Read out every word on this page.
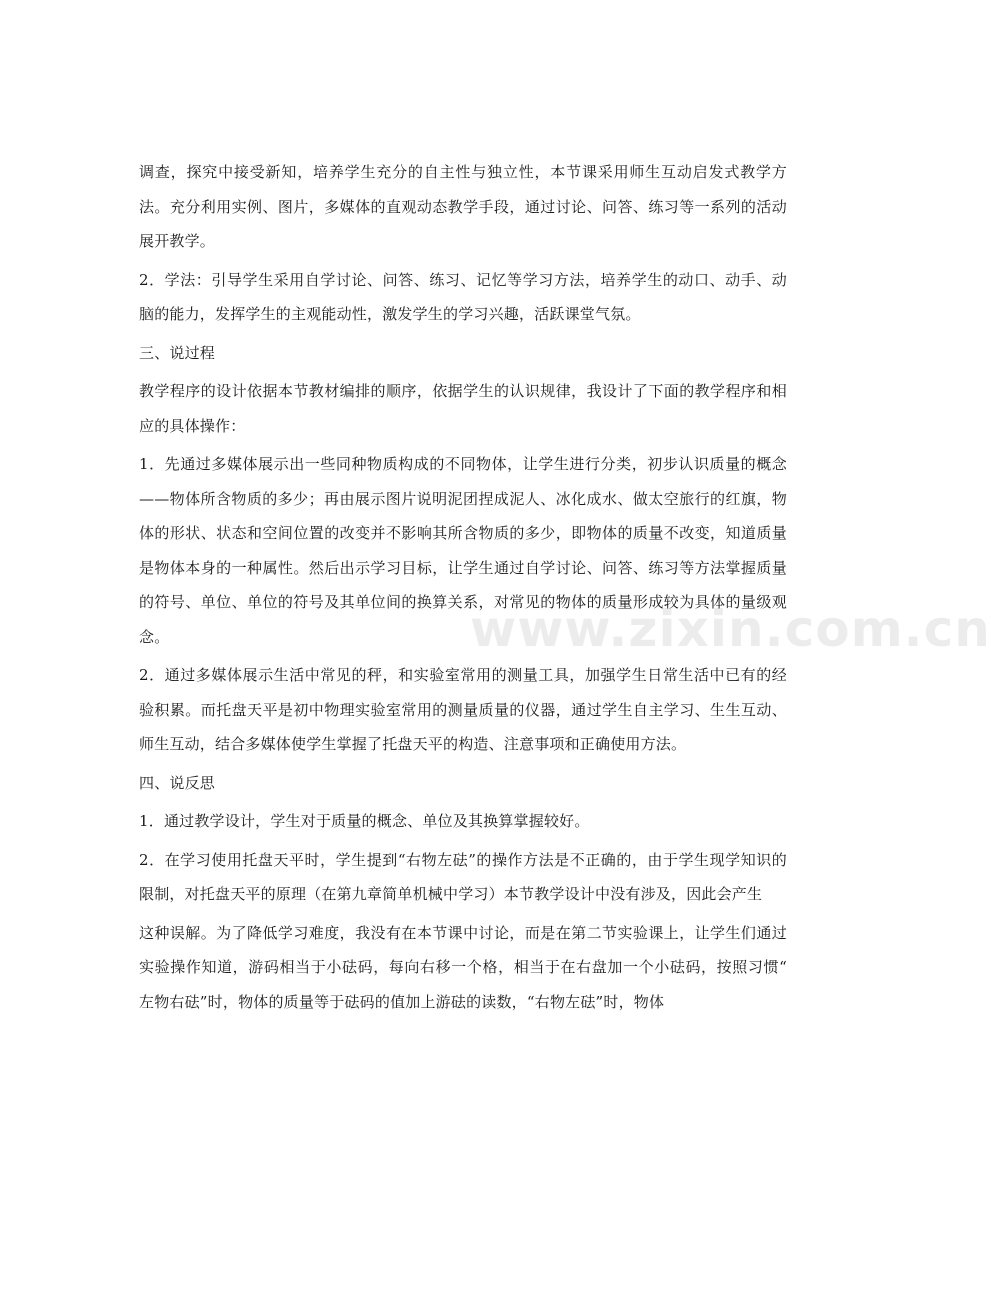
www.zixin.com.cn

调查，探究中接受新知，培养学生充分的自主性与独立性，本节课采用师生互动启发式教学方法。充分利用实例、图片，多媒体的直观动态教学手段，通过讨论、问答、练习等一系列的活动展开教学。

2．学法：引导学生采用自学讨论、问答、练习、记忆等学习方法，培养学生的动口、动手、动脑的能力，发挥学生的主观能动性，激发学生的学习兴趣，活跃课堂气氛。

三、说过程

教学程序的设计依据本节教材编排的顺序，依据学生的认识规律，我设计了下面的教学程序和相应的具体操作：

1．先通过多媒体展示出一些同种物质构成的不同物体，让学生进行分类，初步认识质量的概念——物体所含物质的多少；再由展示图片说明泥团捏成泥人、冰化成水、做太空旅行的红旗，物体的形状、状态和空间位置的改变并不影响其所含物质的多少，即物体的质量不改变，知道质量是物体本身的一种属性。然后出示学习目标，让学生通过自学讨论、问答、练习等方法掌握质量的符号、单位、单位的符号及其单位间的换算关系，对常见的物体的质量形成较为具体的量级观念。

2．通过多媒体展示生活中常见的秤，和实验室常用的测量工具，加强学生日常生活中已有的经验积累。而托盘天平是初中物理实验室常用的测量质量的仪器，通过学生自主学习、生生互动、师生互动，结合多媒体使学生掌握了托盘天平的构造、注意事项和正确使用方法。

四、说反思

1．通过教学设计，学生对于质量的概念、单位及其换算掌握较好。

2．在学习使用托盘天平时，学生提到“右物左砝”的操作方法是不正确的，由于学生现学知识的限制，对托盘天平的原理（在第九章简单机械中学习）本节教学设计中没有涉及，因此会产生

这种误解。为了降低学习难度，我没有在本节课中讨论，而是在第二节实验课上，让学生们通过实验操作知道，游码相当于小砝码，每向右移一个格，相当于在右盘加一个小砝码，按照习惯“ 左物右砝”时，物体的质量等于砝码的值加上游砝的读数，“右物左砝”时，物体
